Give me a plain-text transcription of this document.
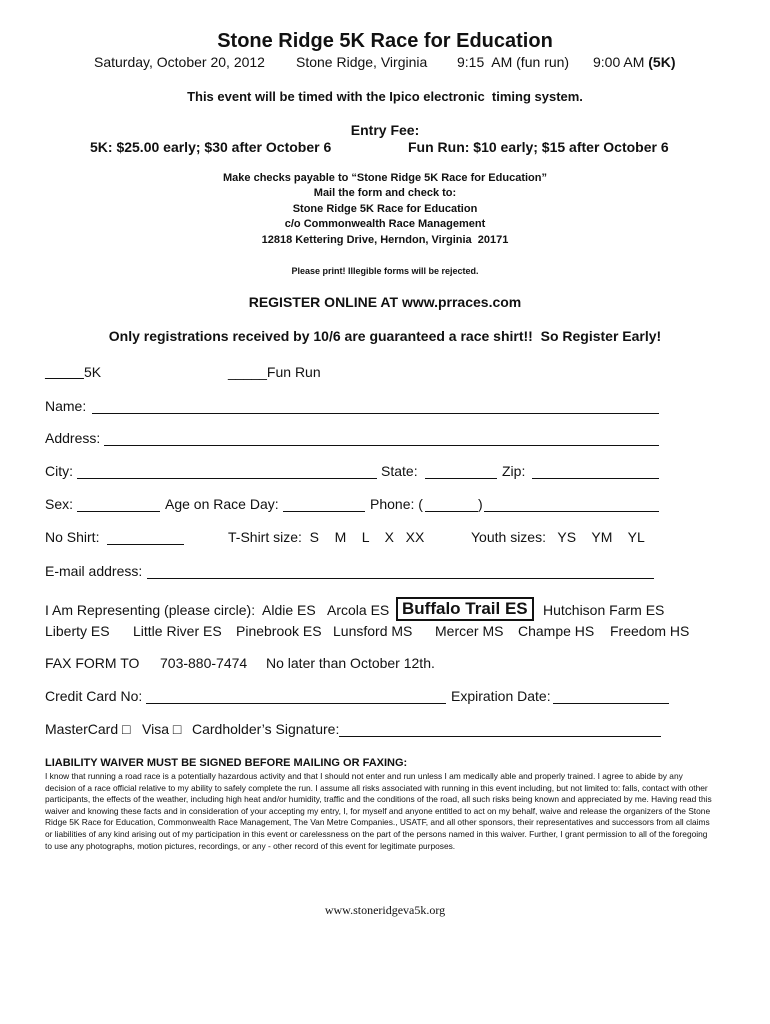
Stone Ridge 5K Race for Education
Saturday, October 20, 2012 Stone Ridge, Virginia 9:15  AM (fun run) 9:00 AM (5K)
This event will be timed with the Ipico electronic  timing system.
Entry Fee:
5K: $25.00 early; $30 after October 6	Fun Run: $10 early; $15 after October 6
Make checks payable to “Stone Ridge 5K Race for Education”
Mail the form and check to:
Stone Ridge 5K Race for Education
c/o Commonwealth Race Management
12818 Kettering Drive, Herndon, Virginia  20171
Please print! Illegible forms will be rejected.
REGISTER ONLINE AT www.prraces.com
Only registrations received by 10/6 are guaranteed a race shirt!!  So Register Early!
_____5K	_____Fun Run
Name:
Address:
City:	State:	Zip:
Sex:	Age on Race Day:	Phone: (	)
No Shirt:	T-Shirt size:  S    M    L    X   XX	Youth sizes:   YS    YM    YL
E-mail address:
I Am Representing (please circle): Aldie ES Arcola ES Buffalo Trail ES	Hutchison Farm ES
Liberty ES Little River ES Pinebrook ES Lunsford MS Mercer MS Champe HS Freedom HS
FAX FORM TO 703-880-7474 No later than October 12th.
Credit Card No:	Expiration Date:
MasterCard □ Visa □ Cardholder’s Signature:
LIABILITY WAIVER MUST BE SIGNED BEFORE MAILING OR FAXING:
I know that running a road race is a potentially hazardous activity and that I should not enter and run unless I am medically able and properly trained. I agree to abide by any decision of a race official relative to my ability to safely complete the run. I assume all risks associated with running in this event including, but not limited to: falls, contact with other participants, the effects of the weather, including high heat and/or humidity, traffic and the conditions of the road, all such risks being known and appreciated by me. Having read this waiver and knowing these facts and in consideration of your accepting my entry, I, for myself and anyone entitled to act on my behalf, waive and release the organizers of the Stone Ridge 5K Race for Education, Commonwealth Race Management, The Van Metre Companies., USATF, and all other sponsors, their representatives and successors from all claims or liabilities of any kind arising out of my participation in this event or carelessness on the part of the persons named in this waiver. Further, I grant permission to all of the foregoing to use any photographs, motion pictures, recordings, or any - other record of this event for legitimate purposes.
www.stoneridgeva5k.org
